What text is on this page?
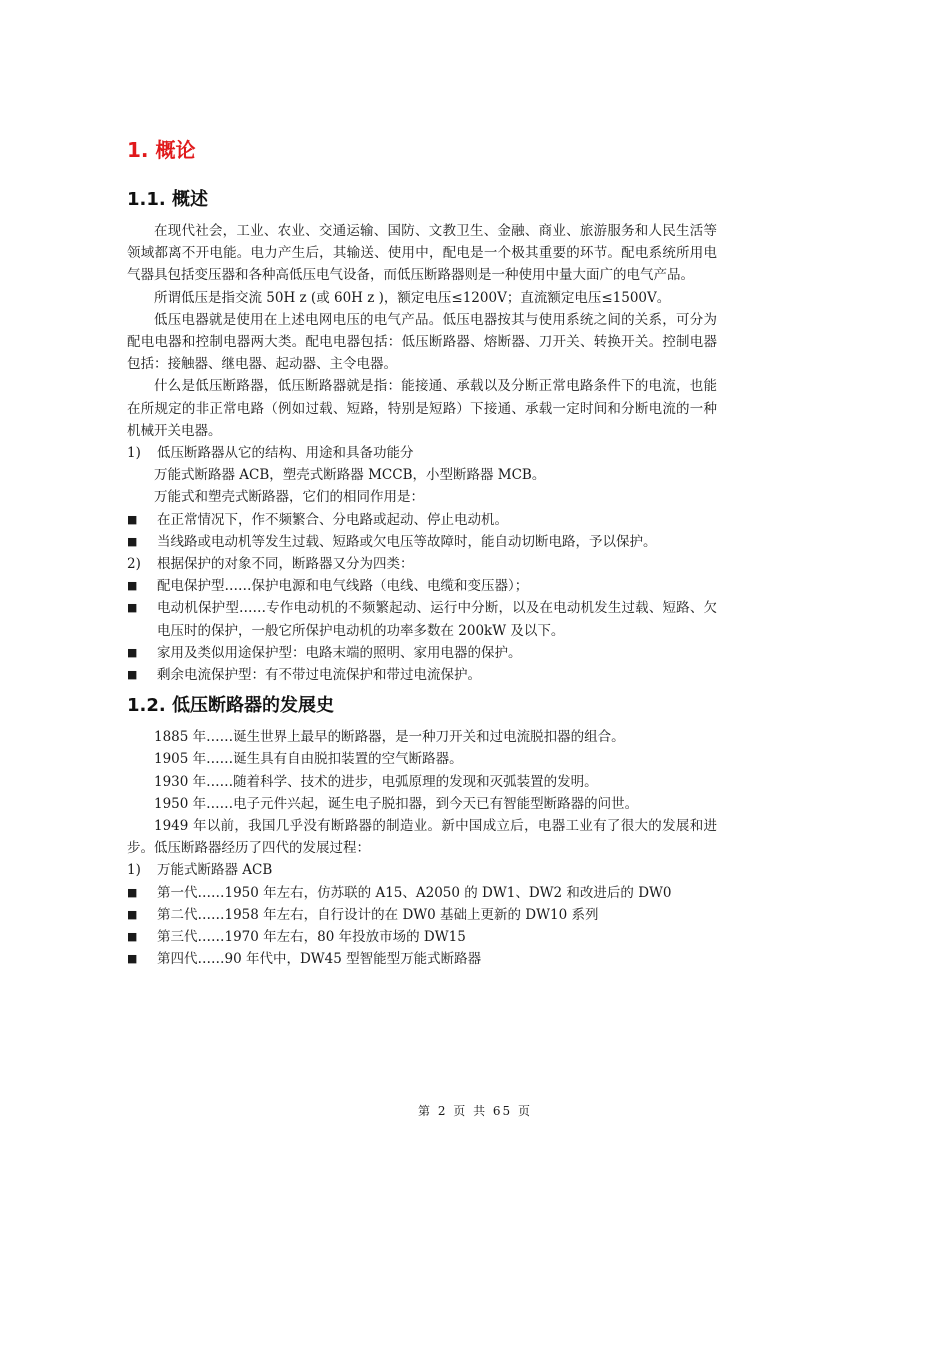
1. 概论
1.1. 概述

在现代社会，工业、农业、交通运输、国防、文教卫生、金融、商业、旅游服务和人民生活等领域都离不开电能。电力产生后，其输送、使用中，配电是一个极其重要的环节。配电系统所用电气器具包括变压器和各种高低压电气设备，而低压断路器则是一种使用中量大面广的电气产品。

所谓低压是指交流 50H z (或 60H z )，额定电压≤1200V；直流额定电压≤1500V。

低压电器就是使用在上述电网电压的电气产品。低压电器按其与使用系统之间的关系，可分为配电电器和控制电器两大类。配电电器包括：低压断路器、熔断器、刀开关、转换开关。控制电器包括：接触器、继电器、起动器、主令电器。

什么是低压断路器，低压断路器就是指：能接通、承载以及分断正常电路条件下的电流，也能在所规定的非正常电路（例如过载、短路，特别是短路）下接通、承载一定时间和分断电流的一种机械开关电器。

1)	低压断路器从它的结构、用途和具备功能分

万能式断路器 ACB，塑壳式断路器 MCCB，小型断路器 MCB。

万能式和塑壳式断路器，它们的相同作用是：

■	在正常情况下，作不频繁合、分电路或起动、停止电动机。
■	当线路或电动机等发生过载、短路或欠电压等故障时，能自动切断电路，予以保护。
2)	根据保护的对象不同，断路器又分为四类：
■	配电保护型……保护电源和电气线路（电线、电缆和变压器）；
■	电动机保护型……专作电动机的不频繁起动、运行中分断，以及在电动机发生过载、短路、欠电压时的保护，一般它所保护电动机的功率多数在 200kW 及以下。
■	家用及类似用途保护型：电路末端的照明、家用电器的保护。
■	剩余电流保护型：有不带过电流保护和带过电流保护。
1.2. 低压断路器的发展史

1885 年……诞生世界上最早的断路器，是一种刀开关和过电流脱扣器的组合。

1905 年……诞生具有自由脱扣装置的空气断路器。

1930 年……随着科学、技术的进步，电弧原理的发现和灭弧装置的发明。

1950 年……电子元件兴起，诞生电子脱扣器，到今天已有智能型断路器的问世。

1949 年以前，我国几乎没有断路器的制造业。新中国成立后，电器工业有了很大的发展和进步。低压断路器经历了四代的发展过程：

1)	万能式断路器 ACB
■	第一代……1950 年左右，仿苏联的 A15、A2050 的 DW1、DW2 和改进后的 DW0
■	第二代……1958 年左右，自行设计的在 DW0 基础上更新的 DW10 系列
■	第三代……1970 年左右，80 年投放市场的 DW15
■	第四代……90 年代中，DW45 型智能型万能式断路器
第 2 页 共 65 页
